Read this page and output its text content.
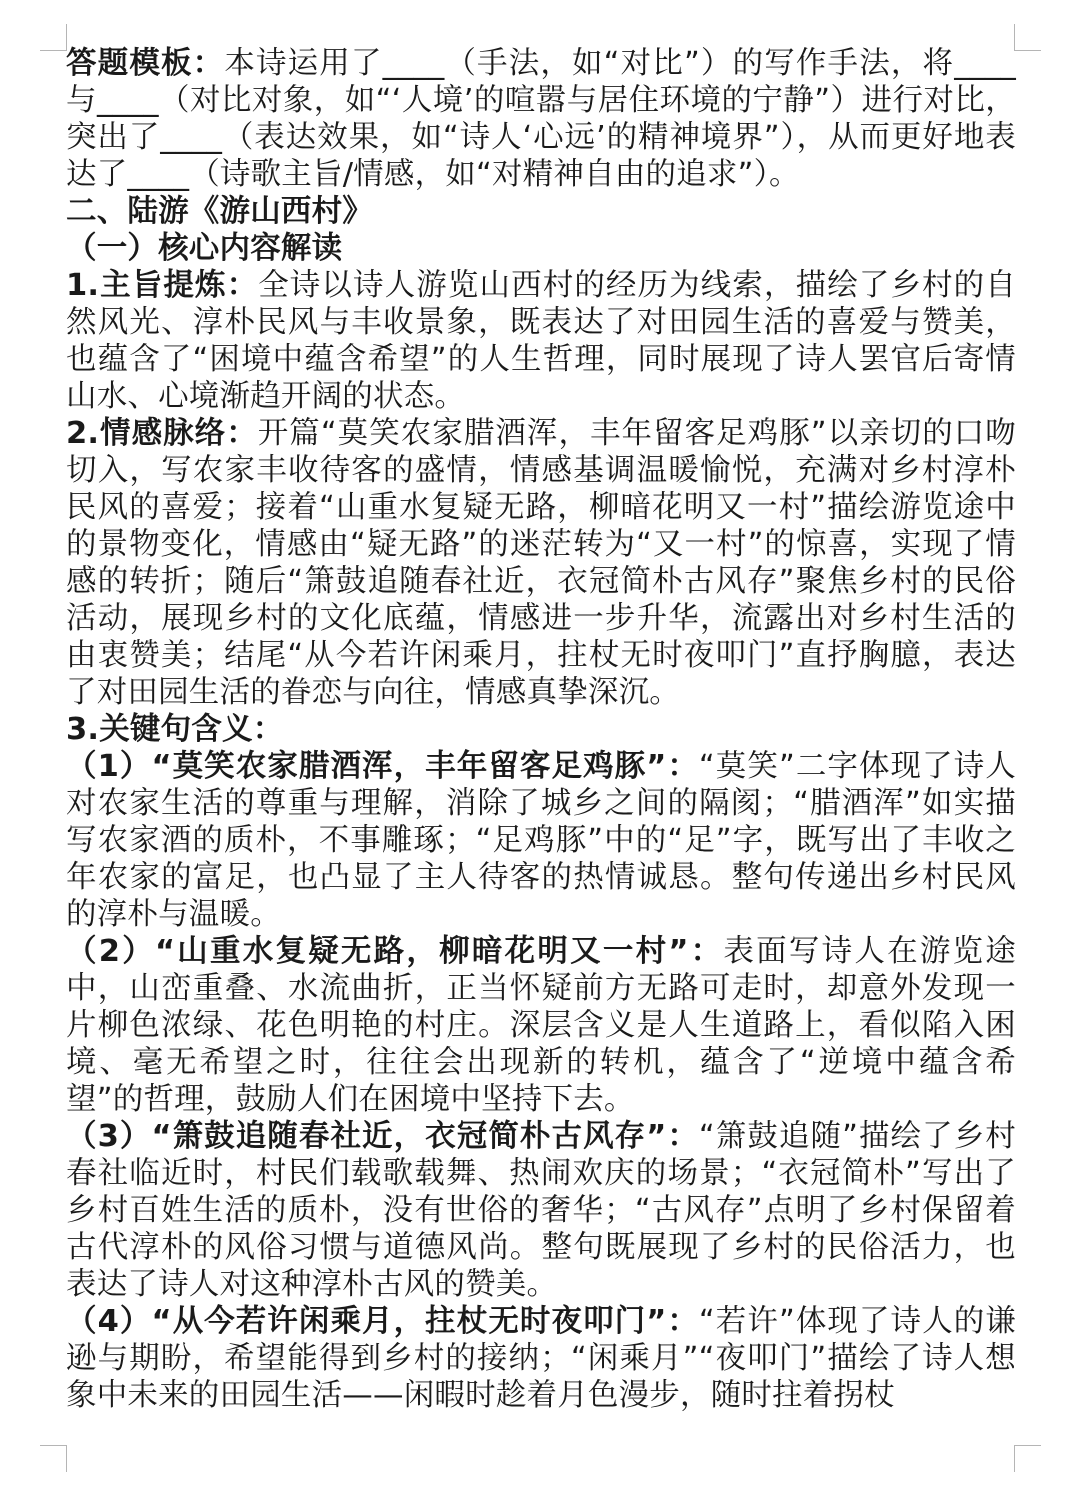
答题模板：本诗运用了____（手法，如“对比”）的写作手法，将____与____（对比对象，如“‘人境’的喧嚣与居住环境的宁静”）进行对比，突出了____（表达效果，如“诗人‘心远’的精神境界”），从而更好地表达了____（诗歌主旨/情感，如“对精神自由的追求”）。

二、陆游《游山西村》

（一）核心内容解读

1.主旨提炼：全诗以诗人游览山西村的经历为线索，描绘了乡村的自然风光、淳朴民风与丰收景象，既表达了对田园生活的喜爱与赞美，也蕴含了“困境中蕴含希望”的人生哲理，同时展现了诗人罢官后寄情山水、心境渐趋开阔的状态。

2.情感脉络：开篇“莫笑农家腊酒浑，丰年留客足鸡豚”以亲切的口吻切入，写农家丰收待客的盛情，情感基调温暖愉悦，充满对乡村淳朴民风的喜爱；接着“山重水复疑无路，柳暗花明又一村”描绘游览途中的景物变化，情感由“疑无路”的迷茫转为“又一村”的惊喜，实现了情感的转折；随后“箫鼓追随春社近，衣冠简朴古风存”聚焦乡村的民俗活动，展现乡村的文化底蕴，情感进一步升华，流露出对乡村生活的由衷赞美；结尾“从今若许闲乘月，拄杖无时夜叩门”直抒胸臆，表达了对田园生活的眷恋与向往，情感真挚深沉。

3.关键句含义：

（1）“莫笑农家腊酒浑，丰年留客足鸡豚”：“莫笑”二字体现了诗人对农家生活的尊重与理解，消除了城乡之间的隔阂；“腊酒浑”如实描写农家酒的质朴，不事雕琢；“足鸡豚”中的“足”字，既写出了丰收之年农家的富足，也凸显了主人待客的热情诚恳。整句传递出乡村民风的淳朴与温暖。

（2）“山重水复疑无路，柳暗花明又一村”：表面写诗人在游览途中，山峦重叠、水流曲折，正当怀疑前方无路可走时，却意外发现一片柳色浓绿、花色明艳的村庄。深层含义是人生道路上，看似陷入困境、毫无希望之时，往往会出现新的转机，蕴含了“逆境中蕴含希望”的哲理，鼓励人们在困境中坚持下去。

（3）“箫鼓追随春社近，衣冠简朴古风存”：“箫鼓追随”描绘了乡村春社临近时，村民们载歌载舞、热闹欢庆的场景；“衣冠简朴”写出了乡村百姓生活的质朴，没有世俗的奢华；“古风存”点明了乡村保留着古代淳朴的风俗习惯与道德风尚。整句既展现了乡村的民俗活力，也表达了诗人对这种淳朴古风的赞美。

（4）“从今若许闲乘月，拄杖无时夜叩门”：“若许”体现了诗人的谦逊与期盼，希望能得到乡村的接纳；“闲乘月”“夜叩门”描绘了诗人想象中未来的田园生活——闲暇时趁着月色漫步，随时拄着拐杖
